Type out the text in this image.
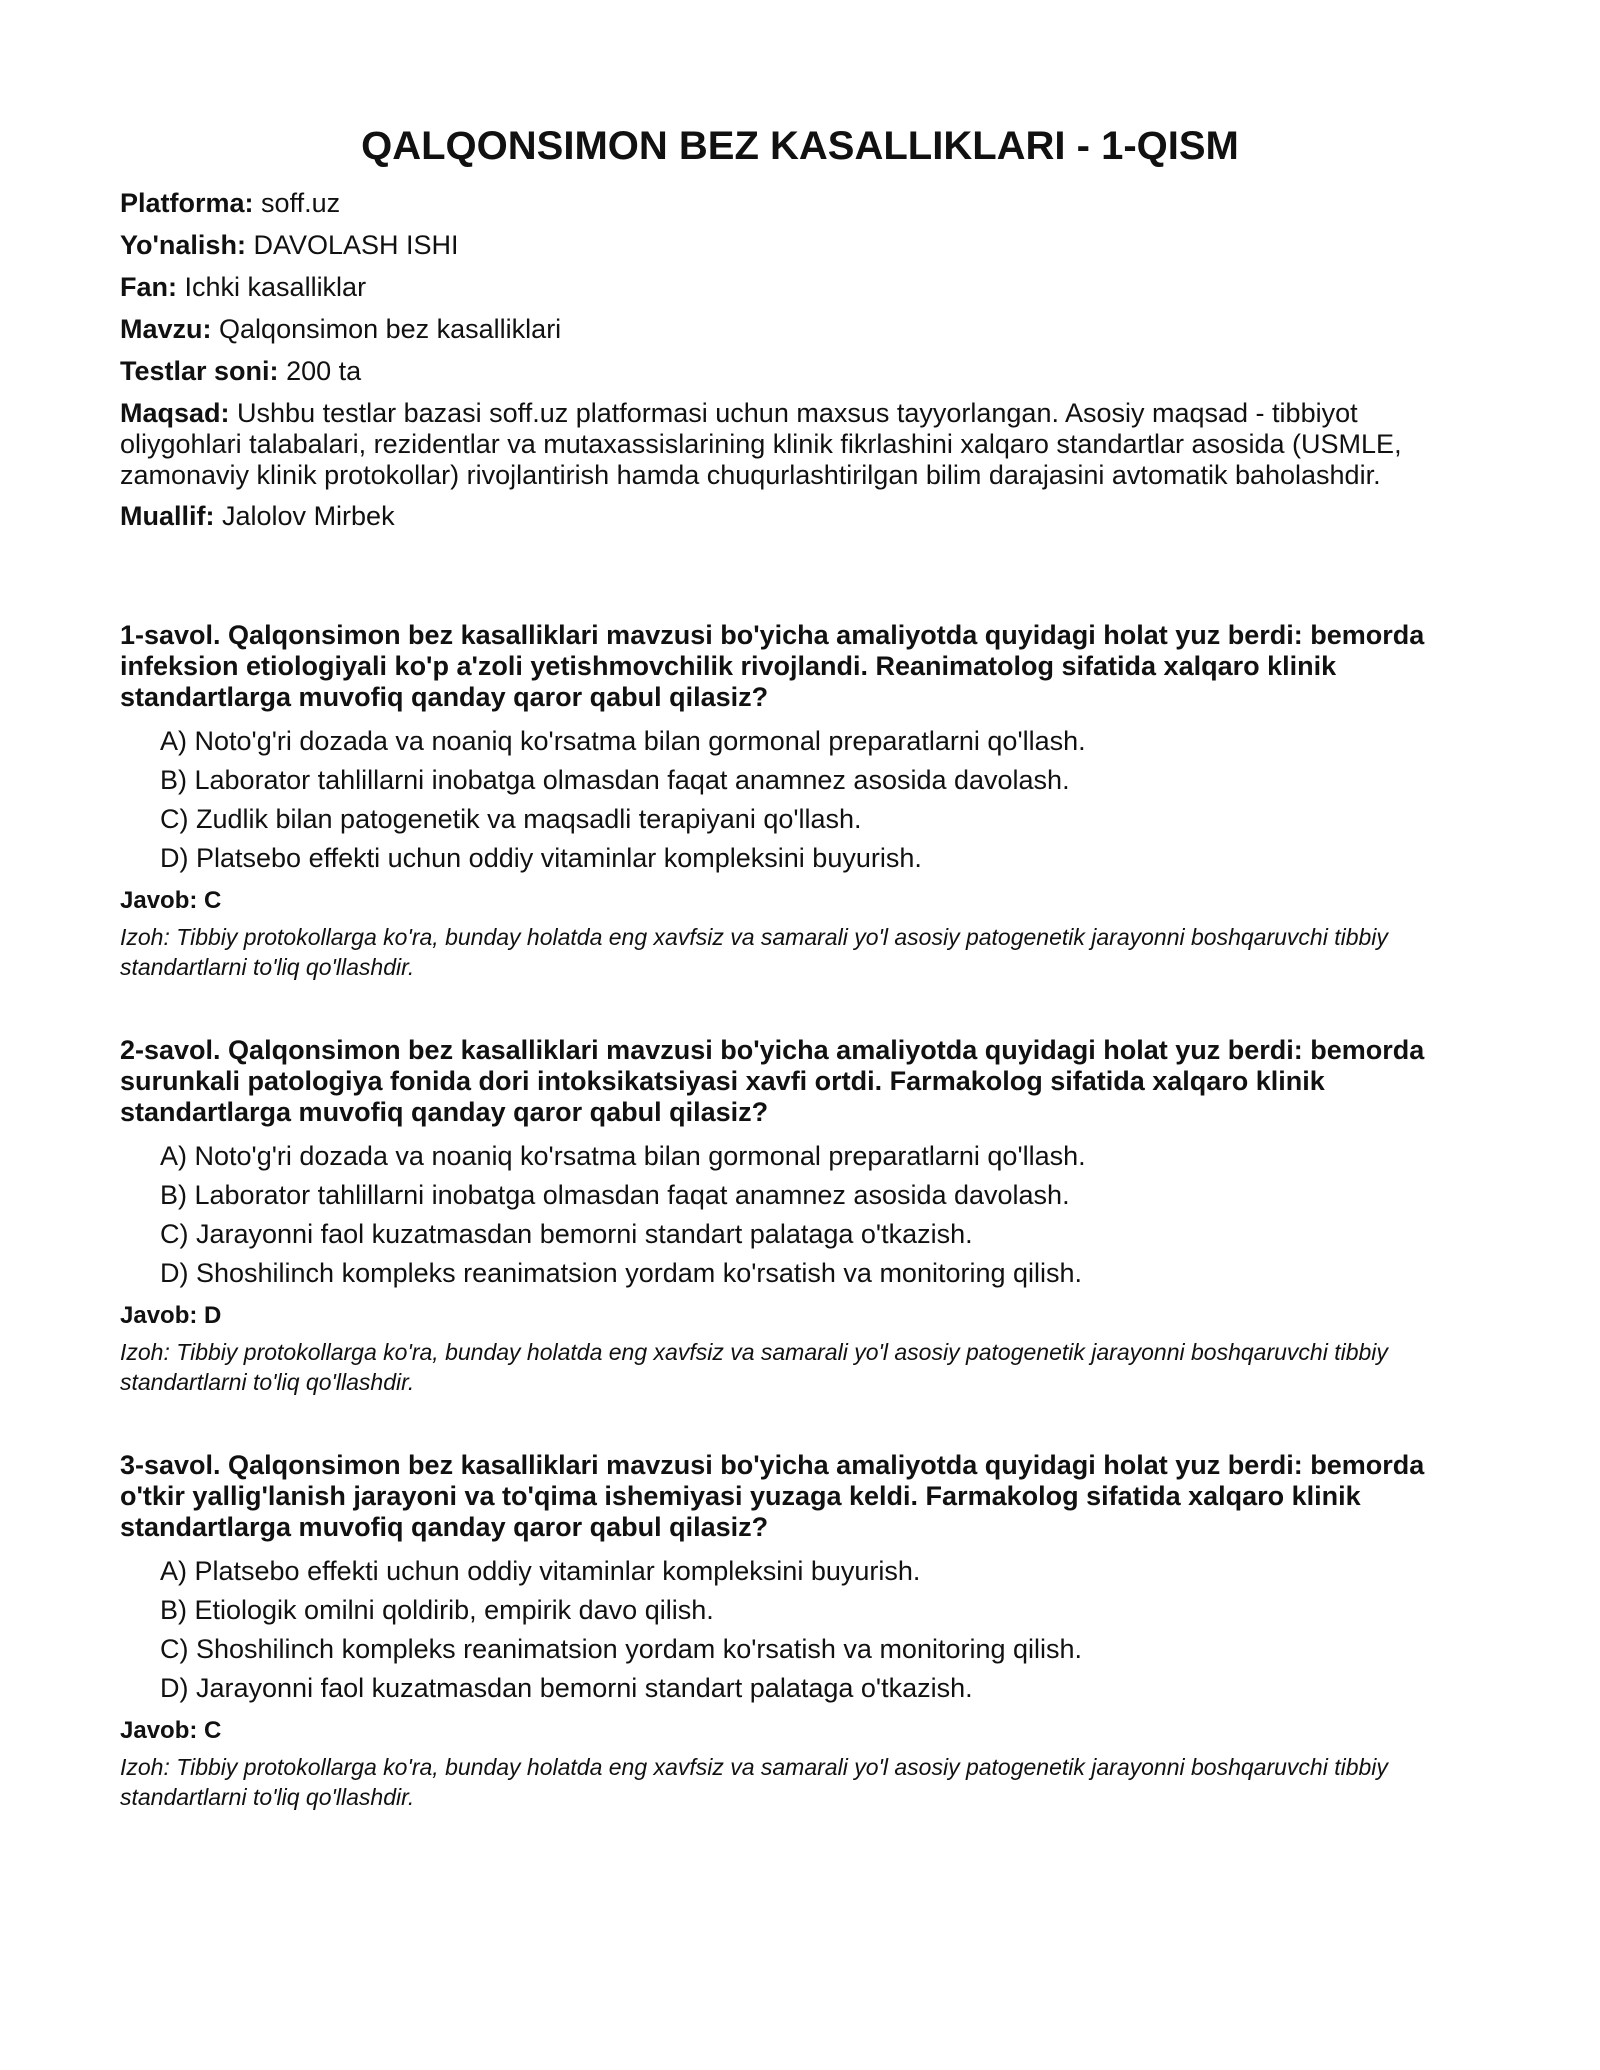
QALQONSIMON BEZ KASALLIKLARI - 1-QISM

Platforma: soff.uz

Yo'nalish: DAVOLASH ISHI

Fan: Ichki kasalliklar

Mavzu: Qalqonsimon bez kasalliklari

Testlar soni: 200 ta

Maqsad: Ushbu testlar bazasi soff.uz platformasi uchun maxsus tayyorlangan. Asosiy maqsad - tibbiyot oliygohlari talabalari, rezidentlar va mutaxassislarining klinik fikrlashini xalqaro standartlar asosida (USMLE, zamonaviy klinik protokollar) rivojlantirish hamda chuqurlashtirilgan bilim darajasini avtomatik baholashdir.

Muallif: Jalolov Mirbek

1-savol. Qalqonsimon bez kasalliklari mavzusi bo'yicha amaliyotda quyidagi holat yuz berdi: bemorda infeksion etiologiyali ko'p a'zoli yetishmovchilik rivojlandi. Reanimatolog sifatida xalqaro klinik standartlarga muvofiq qanday qaror qabul qilasiz?

A) Noto'g'ri dozada va noaniq ko'rsatma bilan gormonal preparatlarni qo'llash.

B) Laborator tahlillarni inobatga olmasdan faqat anamnez asosida davolash.

C) Zudlik bilan patogenetik va maqsadli terapiyani qo'llash.

D) Platsebo effekti uchun oddiy vitaminlar kompleksini buyurish.

Javob: C

Izoh: Tibbiy protokollarga ko'ra, bunday holatda eng xavfsiz va samarali yo'l asosiy patogenetik jarayonni boshqaruvchi tibbiy standartlarni to'liq qo'llashdir.

2-savol. Qalqonsimon bez kasalliklari mavzusi bo'yicha amaliyotda quyidagi holat yuz berdi: bemorda surunkali patologiya fonida dori intoksikatsiyasi xavfi ortdi. Farmakolog sifatida xalqaro klinik standartlarga muvofiq qanday qaror qabul qilasiz?

A) Noto'g'ri dozada va noaniq ko'rsatma bilan gormonal preparatlarni qo'llash.

B) Laborator tahlillarni inobatga olmasdan faqat anamnez asosida davolash.

C) Jarayonni faol kuzatmasdan bemorni standart palataga o'tkazish.

D) Shoshilinch kompleks reanimatsion yordam ko'rsatish va monitoring qilish.

Javob: D

Izoh: Tibbiy protokollarga ko'ra, bunday holatda eng xavfsiz va samarali yo'l asosiy patogenetik jarayonni boshqaruvchi tibbiy standartlarni to'liq qo'llashdir.

3-savol. Qalqonsimon bez kasalliklari mavzusi bo'yicha amaliyotda quyidagi holat yuz berdi: bemorda o'tkir yallig'lanish jarayoni va to'qima ishemiyasi yuzaga keldi. Farmakolog sifatida xalqaro klinik standartlarga muvofiq qanday qaror qabul qilasiz?

A) Platsebo effekti uchun oddiy vitaminlar kompleksini buyurish.

B) Etiologik omilni qoldirib, empirik davo qilish.

C) Shoshilinch kompleks reanimatsion yordam ko'rsatish va monitoring qilish.

D) Jarayonni faol kuzatmasdan bemorni standart palataga o'tkazish.

Javob: C

Izoh: Tibbiy protokollarga ko'ra, bunday holatda eng xavfsiz va samarali yo'l asosiy patogenetik jarayonni boshqaruvchi tibbiy standartlarni to'liq qo'llashdir.
